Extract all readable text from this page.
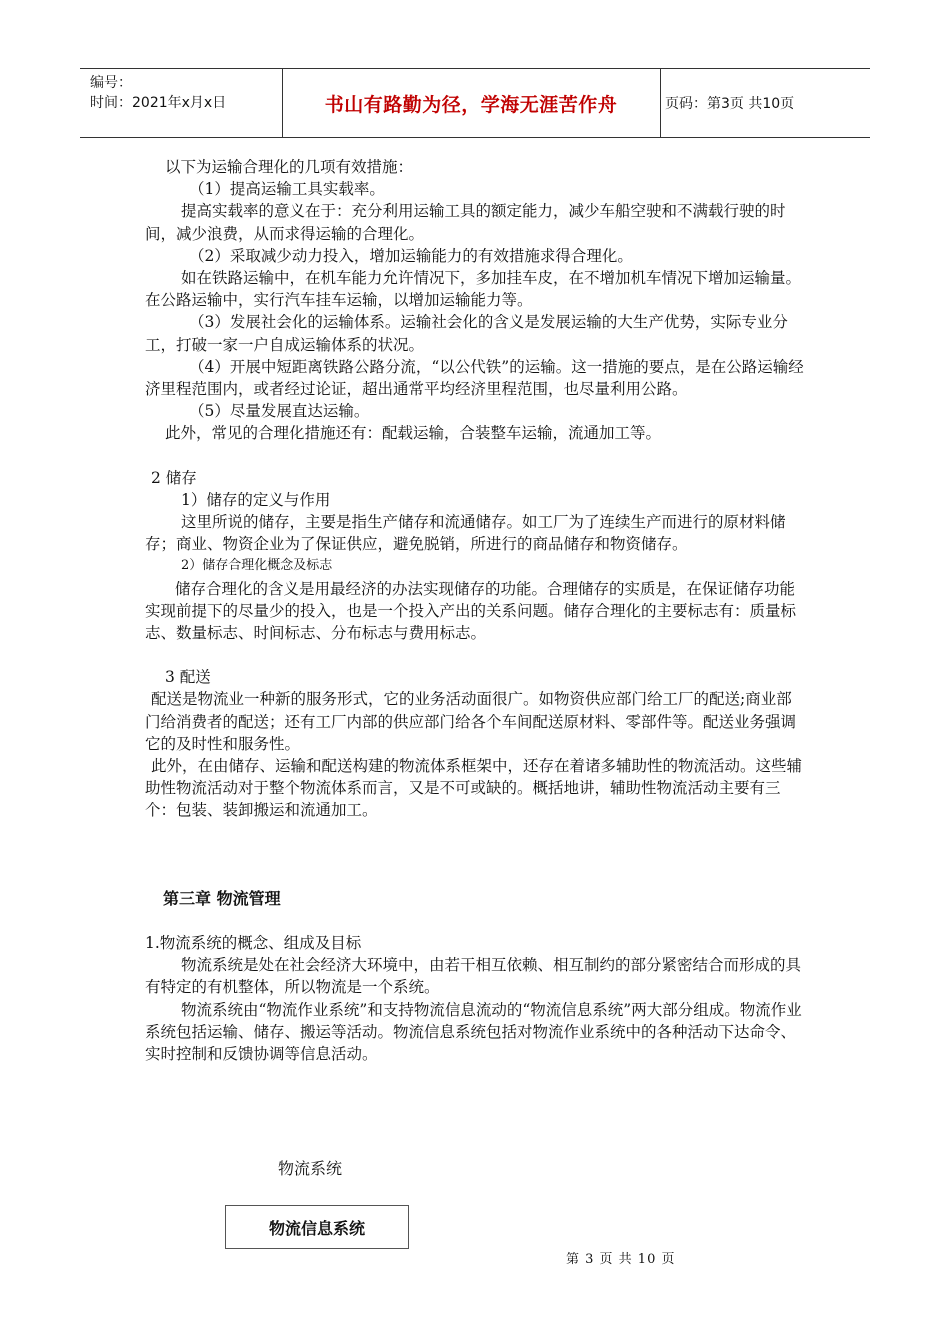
编号：
时间：2021年x月x日	书山有路勤为径，学海无涯苦作舟	页码：第3页 共10页

以下为运输合理化的几项有效措施：

（1）提高运输工具实载率。

提高实载率的意义在于：充分利用运输工具的额定能力，减少车船空驶和不满载行驶的时间，减少浪费，从而求得运输的合理化。

（2）采取减少动力投入，增加运输能力的有效措施求得合理化。

如在铁路运输中，在机车能力允许情况下，多加挂车皮，在不增加机车情况下增加运输量。在公路运输中，实行汽车挂车运输，以增加运输能力等。

（3）发展社会化的运输体系。运输社会化的含义是发展运输的大生产优势，实际专业分工，打破一家一户自成运输体系的状况。

（4）开展中短距离铁路公路分流，“以公代铁”的运输。这一措施的要点，是在公路运输经济里程范围内，或者经过论证，超出通常平均经济里程范围，也尽量利用公路。

（5）尽量发展直达运输。

此外，常见的合理化措施还有：配载运输，合装整车运输，流通加工等。

2 储存

1）储存的定义与作用

这里所说的储存，主要是指生产储存和流通储存。如工厂为了连续生产而进行的原材料储存；商业、物资企业为了保证供应，避免脱销，所进行的商品储存和物资储存。

2）储存合理化概念及标志

储存合理化的含义是用最经济的办法实现储存的功能。合理储存的实质是，在保证储存功能实现前提下的尽量少的投入，也是一个投入产出的关系问题。储存合理化的主要标志有：质量标志、数量标志、时间标志、分布标志与费用标志。

3 配送

配送是物流业一种新的服务形式，它的业务活动面很广。如物资供应部门给工厂的配送;商业部门给消费者的配送；还有工厂内部的供应部门给各个车间配送原材料、零部件等。配送业务强调它的及时性和服务性。

此外，在由储存、运输和配送构建的物流体系框架中，还存在着诸多辅助性的物流活动。这些辅助性物流活动对于整个物流体系而言，又是不可或缺的。概括地讲，辅助性物流活动主要有三个：包装、装卸搬运和流通加工。

第三章 物流管理

1.物流系统的概念、组成及目标

物流系统是处在社会经济大环境中，由若干相互依赖、相互制约的部分紧密结合而形成的具有特定的有机整体，所以物流是一个系统。

物流系统由“物流作业系统”和支持物流信息流动的“物流信息系统”两大部分组成。物流作业系统包括运输、储存、搬运等活动。物流信息系统包括对物流作业系统中的各种活动下达命令、实时控制和反馈协调等信息活动。

物流系统
物流信息系统
第 3 页 共 10 页
